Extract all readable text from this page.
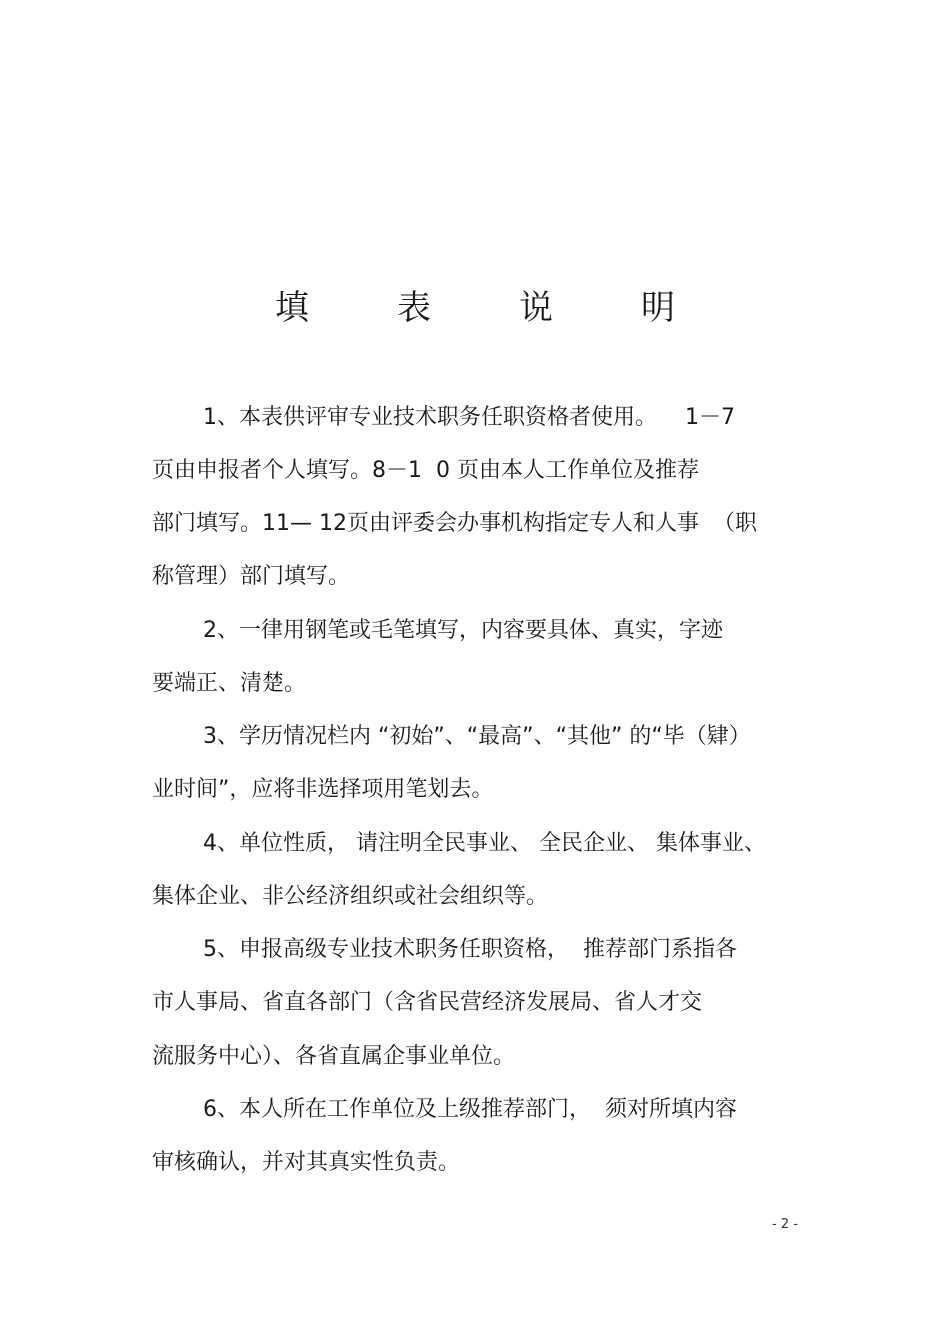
填	表	说	明
1、本表供评审专业技术职务任职资格者使用。    1－7
页由申报者个人填写。8－1  0 页由本人工作单位及推荐
部门填写。11— 12页由评委会办事机构指定专人和人事  （职
称管理）部门填写。
2、一律用钢笔或毛笔填写，内容要具体、真实，字迹
要端正、清楚。
3、学历情况栏内 “初始”、“最高”、“其他” 的“毕（肄）
业时间”，应将非选择项用笔划去。
4、单位性质， 请注明全民事业、 全民企业、 集体事业、
集体企业、非公经济组织或社会组织等。
5、申报高级专业技术职务任职资格，  推荐部门系指各
市人事局、省直各部门（含省民营经济发展局、省人才交
流服务中心）、各省直属企事业单位。
6、本人所在工作单位及上级推荐部门，  须对所填内容
审核确认，并对其真实性负责。
- 2 -
